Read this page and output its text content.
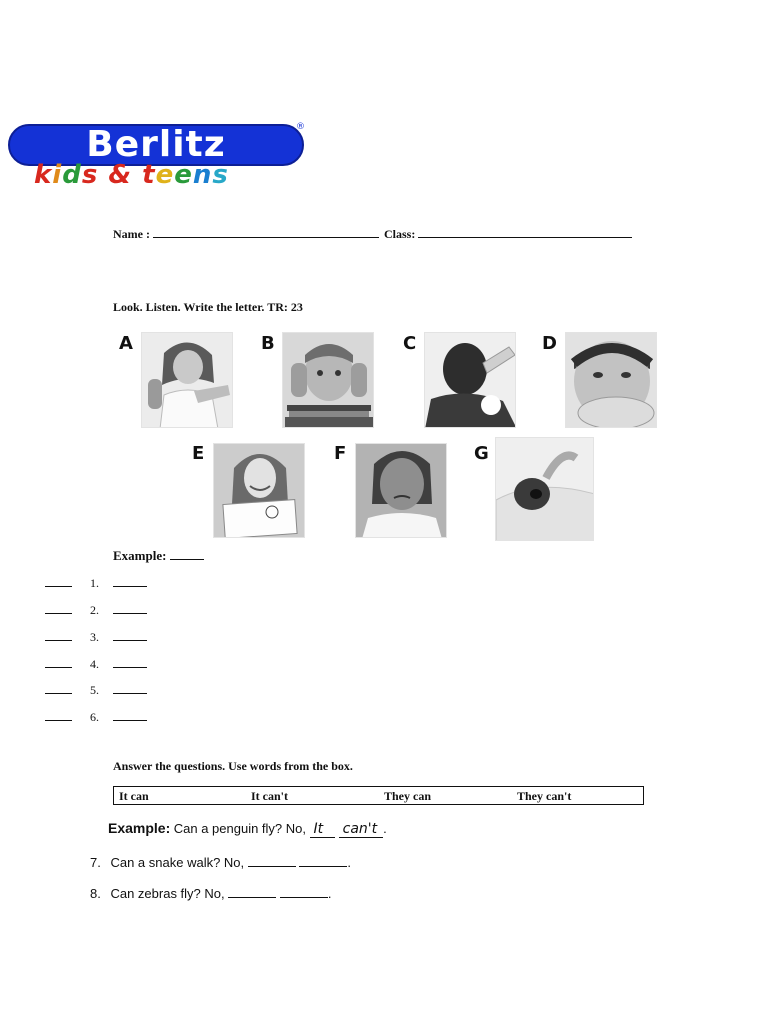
Berlitz	®
kids & teens
Name :	Class:
Look. Listen. Write the letter. TR: 23
A	B	C	D
E	F	G
Example:
1.
2.
3.
4.
5.
6.
Answer the questions. Use words from the box.
It can	It can't	They can	They can't
Example: Can a penguin fly? No, It can't .
7. Can a snake walk? No,	.
8. Can zebras fly? No,	.
